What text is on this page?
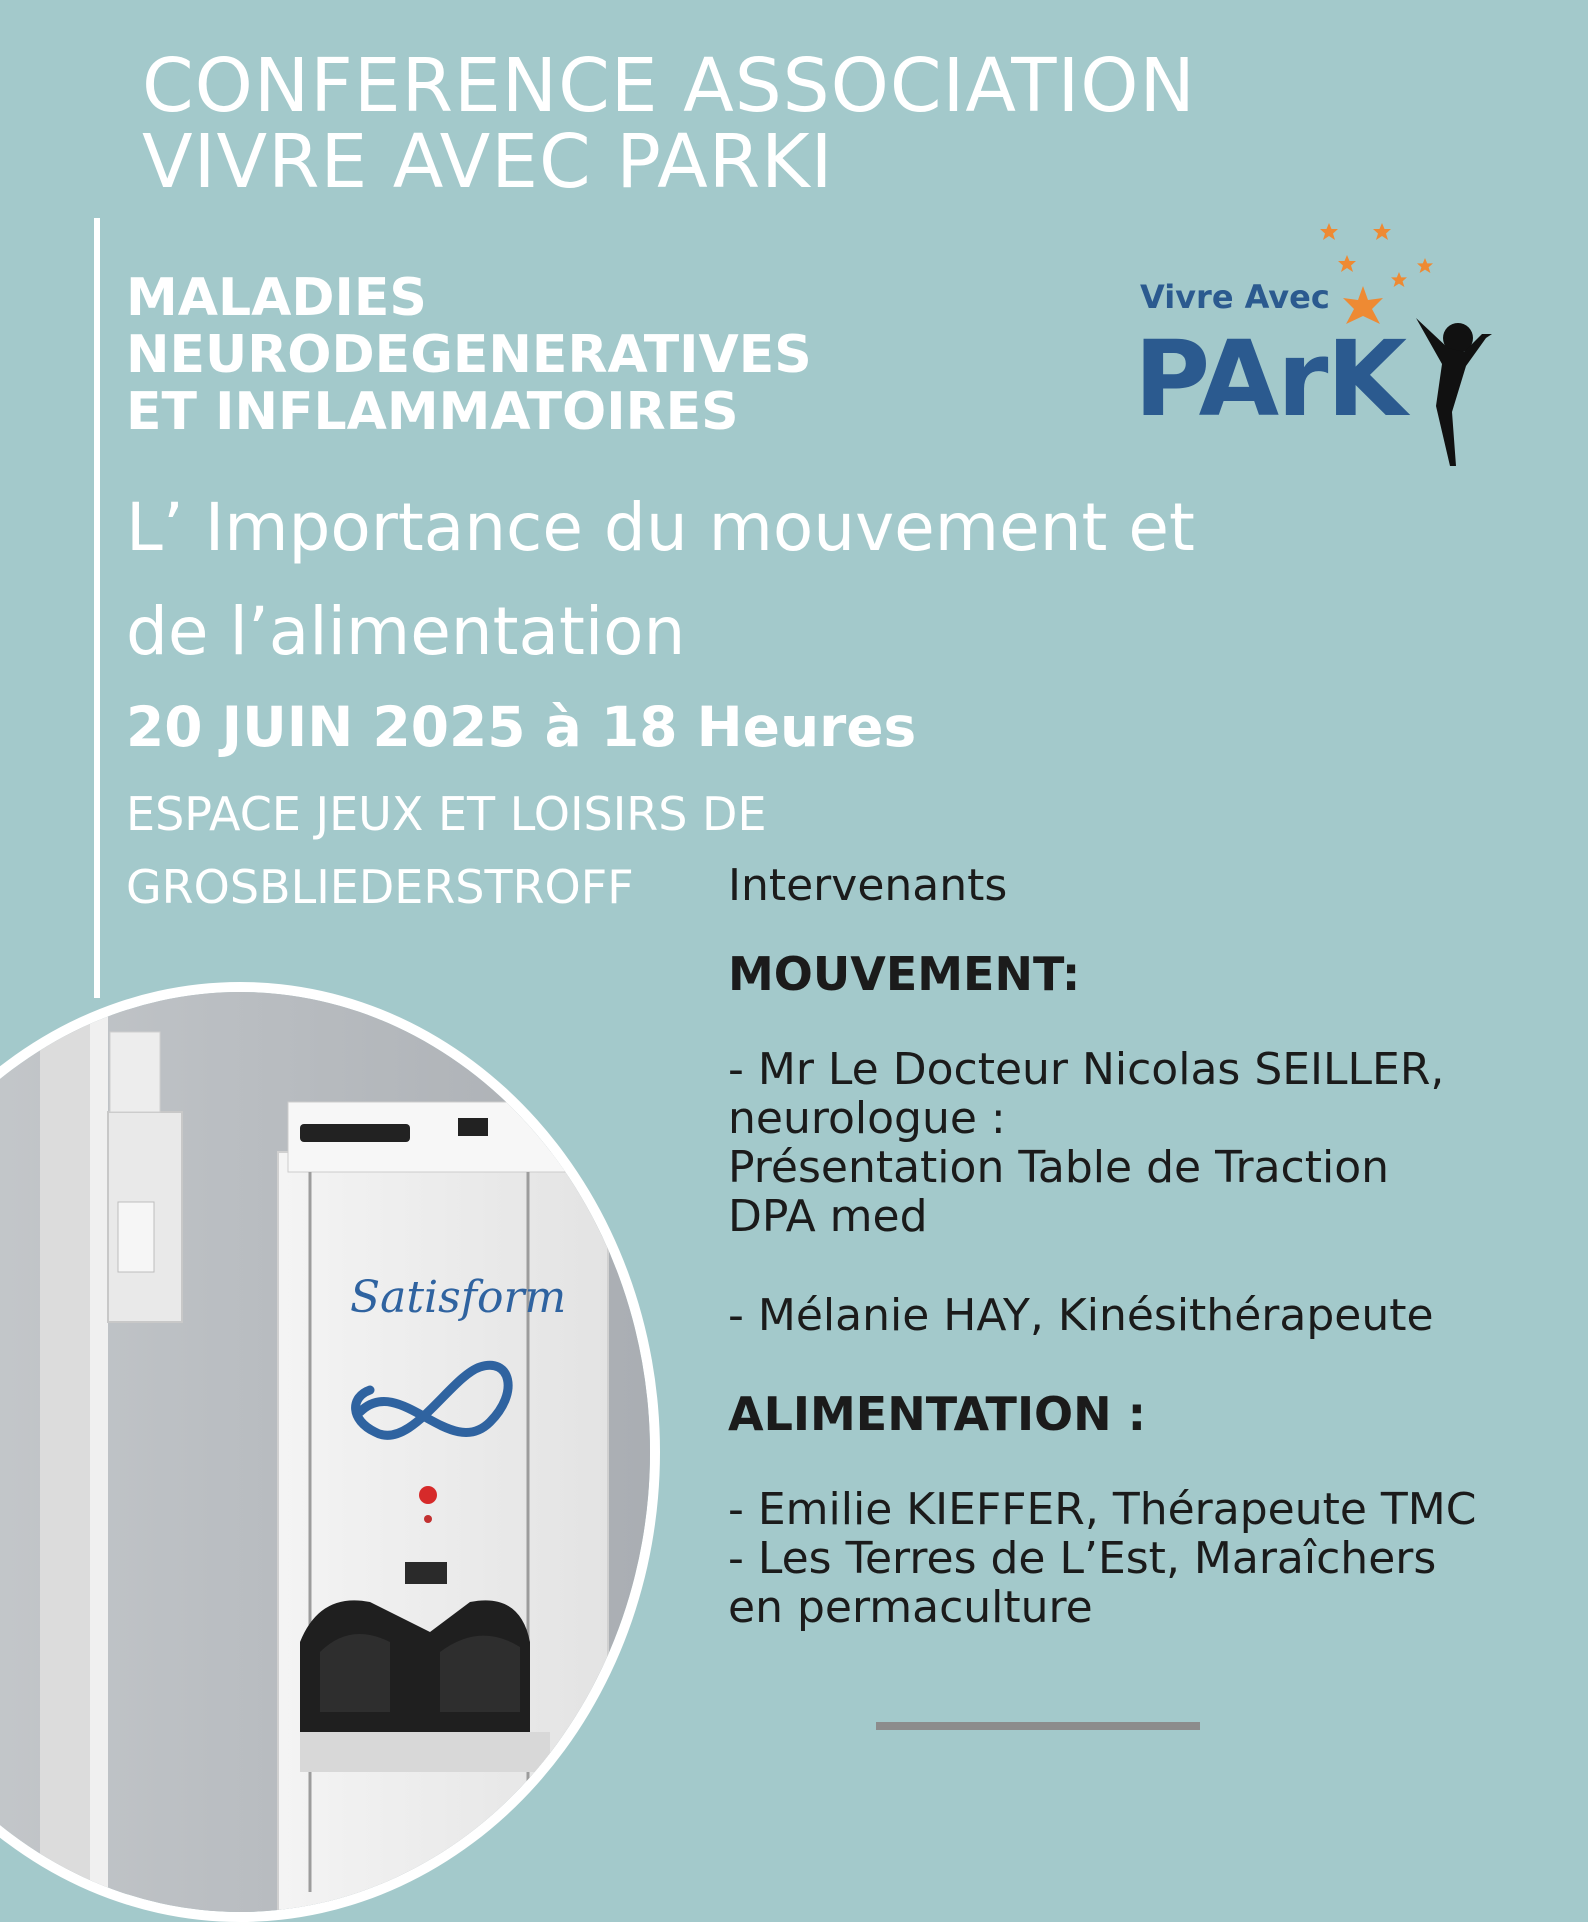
CONFERENCE ASSOCIATION
VIVRE AVEC PARKI
MALADIES
NEURODEGENERATIVES
ET INFLAMMATOIRES

Vivre Avec

PArK

L’ Importance du mouvement et de l’alimentation

20 JUIN 2025 à 18 Heures

ESPACE JEUX ET LOISIRS DE
GROSBLIEDERSTROFF	Intervenants

MOUVEMENT:

- Mr Le Docteur Nicolas SEILLER,
neurologue :
Présentation Table de Traction
DPA med

- Mélanie HAY, Kinésithérapeute

ALIMENTATION :

- Emilie KIEFFER, Thérapeute TMC

- Les Terres de L’Est, Maraîchers
en permaculture

Satisform
